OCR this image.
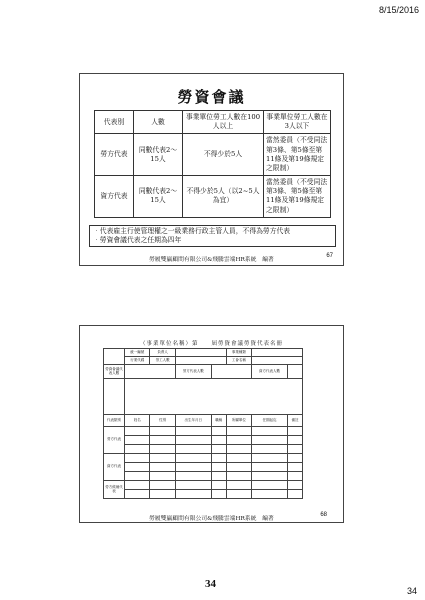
8/15/2016
勞資會議
代表別	人數	事業單位勞工人數在100人以上	事業單位勞工人數在3人以下
勞方代表	同數代表2～15人	不得少於5人	當然委員（不受同法第3條、第5條至第11條及第19條規定之限制）
資方代表	同數代表2～15人	不得少於5人（以2~5人為宜）	當然委員（不受同法第3條、第5條至第11條及第19條規定之限制）
‧代表雇主行使管理權之一級業務行政主管人員，不得為勞方代表
‧勞資會議代表之任期為四年
勞履雙贏顧問有限公司&飛騰雲端HR系統　編著
67
（事業單位名稱）第　　屆勞資會議勞資代表名冊
	統一編號	負責人			事業種類		
	行業代碼	勞工人數			工會名稱		
勞資會議代表人數			勞方代表人數			資方代表人數	

代表類別	姓名	性別	出生年月日	職稱	所屬單位	任期起迄	備註
勞方代表							

資方代表							

勞方候補代表							

勞履雙贏顧問有限公司&飛騰雲端HR系統　編著
68
34
34
